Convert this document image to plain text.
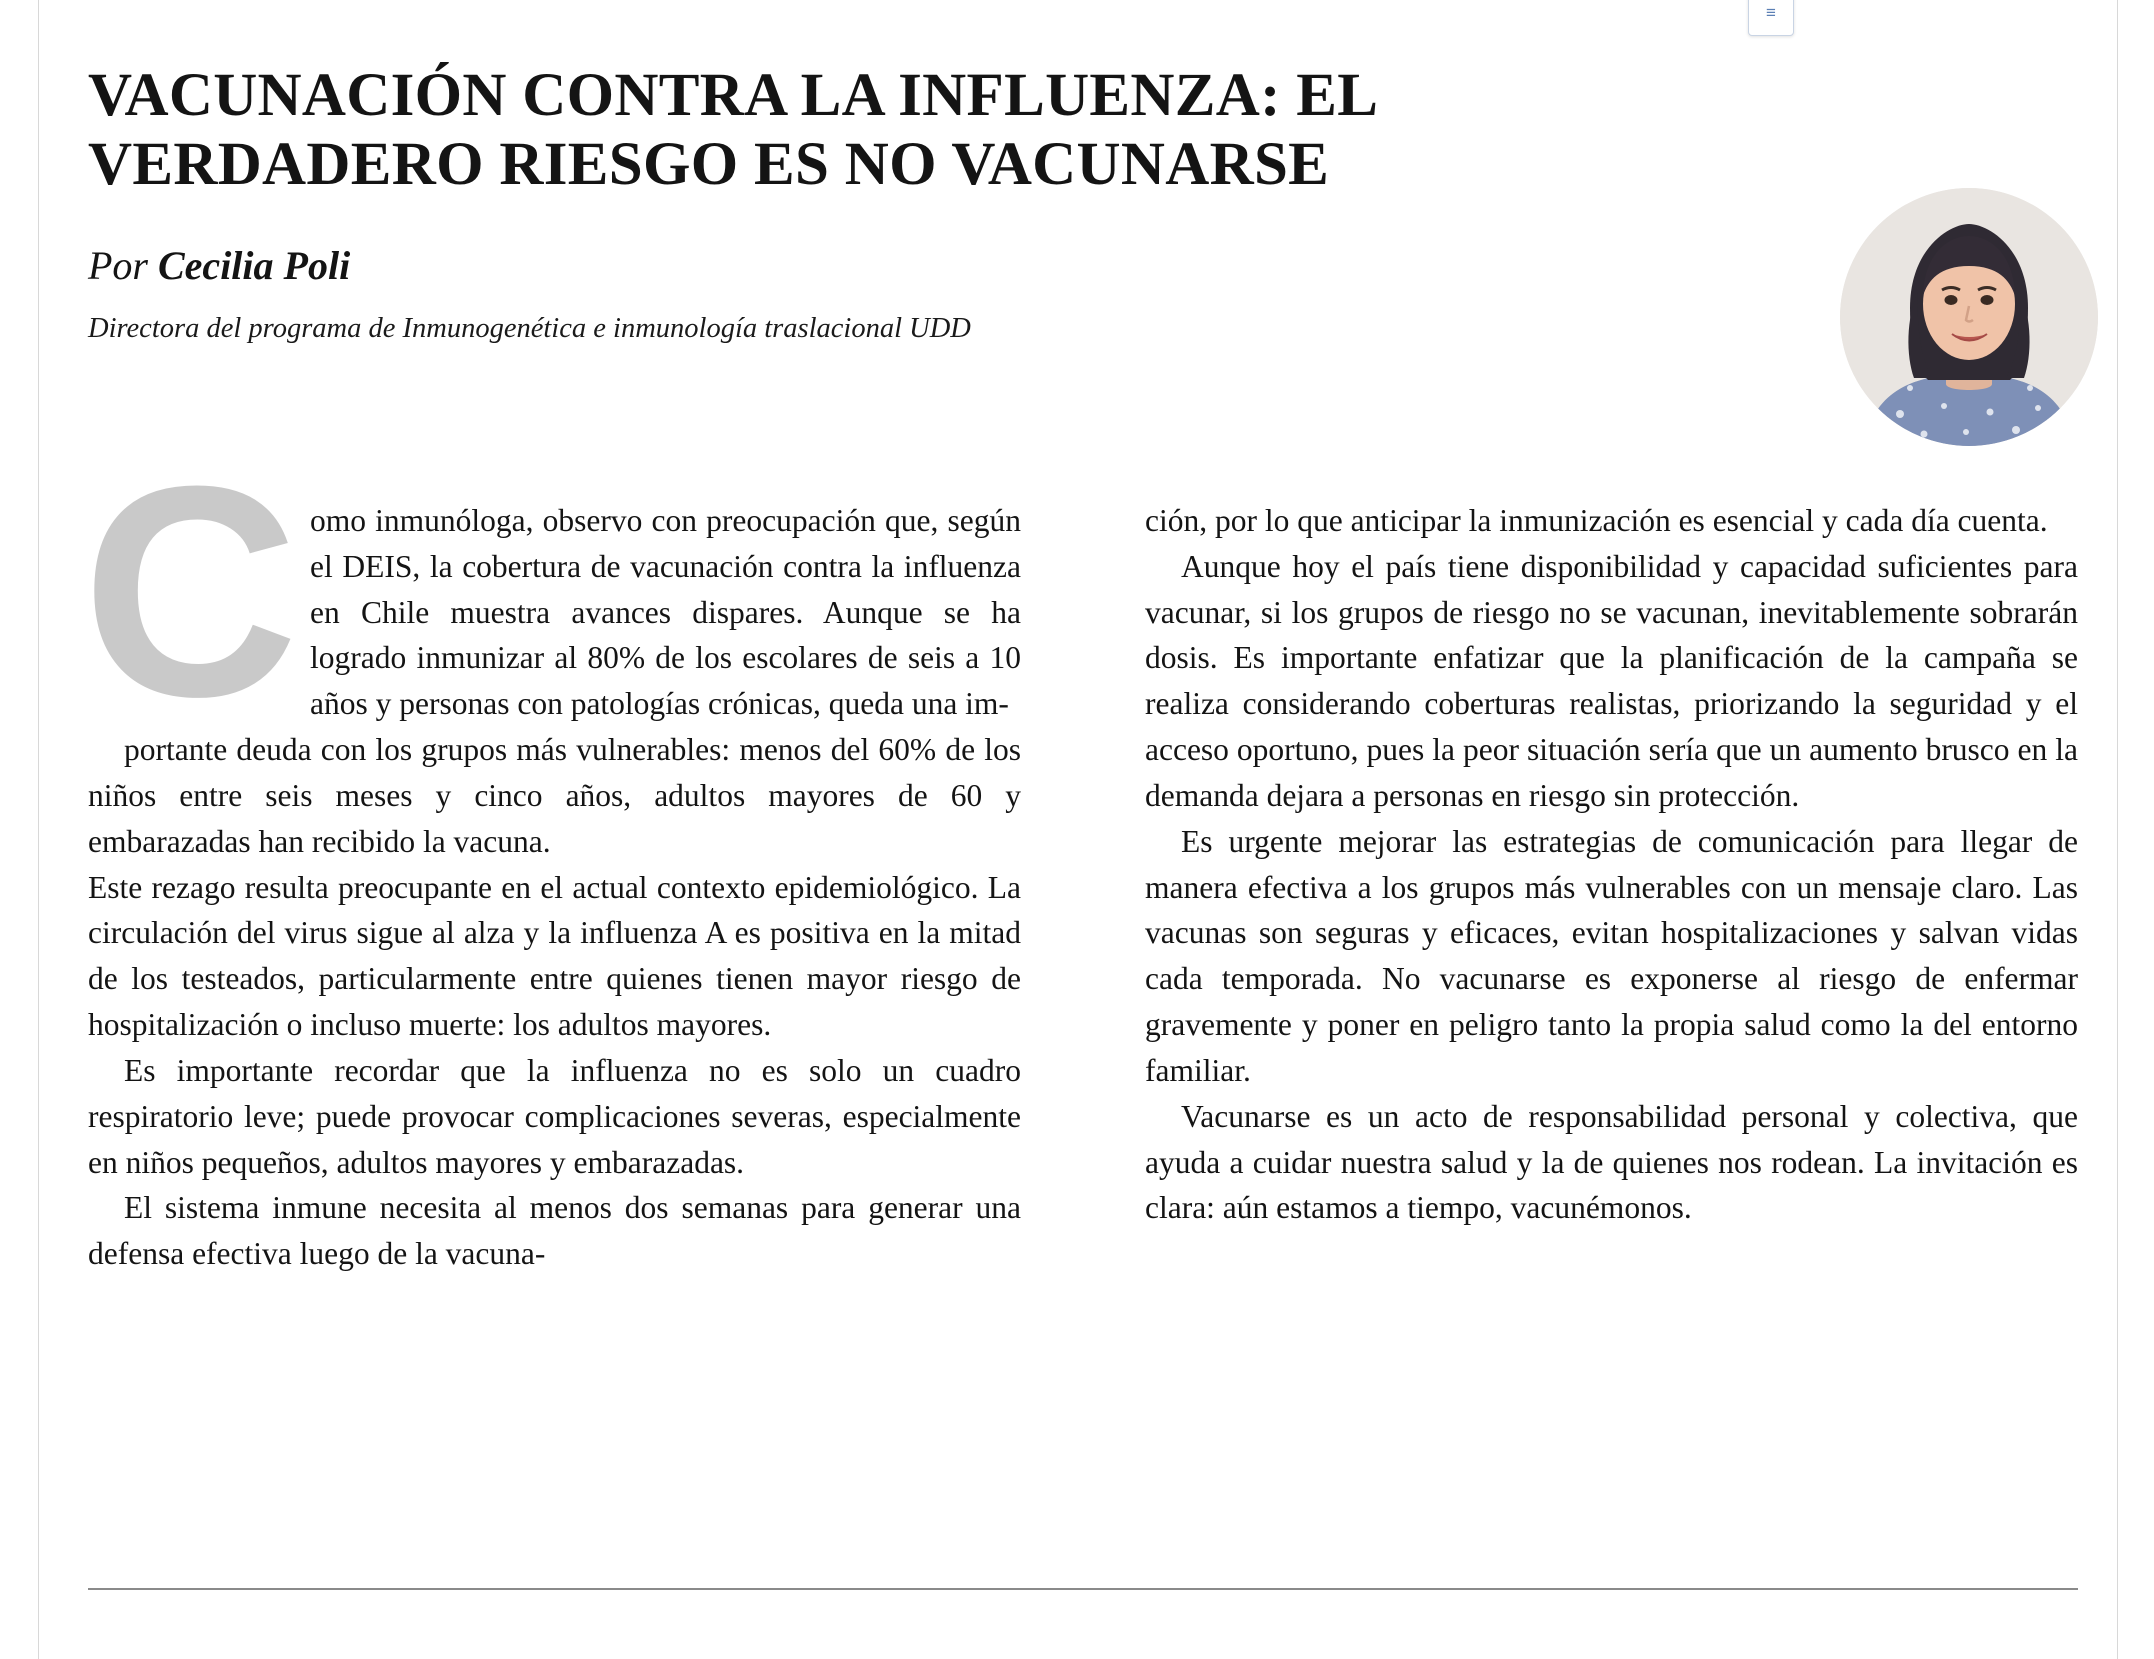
≡
VACUNACIÓN CONTRA LA INFLUENZA: EL VERDADERO RIESGO ES NO VACUNARSE
Por Cecilia Poli
Directora del programa de Inmunogenética e inmunología traslacional UDD
C omo inmunóloga, observo con preocupación que, según el DEIS, la cobertura de vacunación contra la influenza en Chile muestra avances dispares. Aunque se ha logrado inmunizar al 80% de los escolares de seis a 10 años y personas con patologías crónicas, queda una im-

portante deuda con los grupos más vulnerables: menos del 60% de los niños entre seis meses y cinco años, adultos mayores de 60 y embarazadas han recibido la vacuna.

Este rezago resulta preocupante en el actual contexto epidemiológico. La circulación del virus sigue al alza y la influenza A es positiva en la mitad de los testeados, particularmente entre quienes tienen mayor riesgo de hospitalización o incluso muerte: los adultos mayores.

Es importante recordar que la influenza no es solo un cuadro respiratorio leve; puede provocar complicaciones severas, especialmente en niños pequeños, adultos mayores y embarazadas.

El sistema inmune necesita al menos dos semanas para generar una defensa efectiva luego de la vacuna-

ción, por lo que anticipar la inmunización es esencial y cada día cuenta.

Aunque hoy el país tiene disponibilidad y capacidad suficientes para vacunar, si los grupos de riesgo no se vacunan, inevitablemente sobrarán dosis. Es importante enfatizar que la planificación de la campaña se realiza considerando coberturas realistas, priorizando la seguridad y el acceso oportuno, pues la peor situación sería que un aumento brusco en la demanda dejara a personas en riesgo sin protección.

Es urgente mejorar las estrategias de comunicación para llegar de manera efectiva a los grupos más vulnerables con un mensaje claro. Las vacunas son seguras y eficaces, evitan hospitalizaciones y salvan vidas cada temporada. No vacunarse es exponerse al riesgo de enfermar gravemente y poner en peligro tanto la propia salud como la del entorno familiar.

Vacunarse es un acto de responsabilidad personal y colectiva, que ayuda a cuidar nuestra salud y la de quienes nos rodean. La invitación es clara: aún estamos a tiempo, vacunémonos.
